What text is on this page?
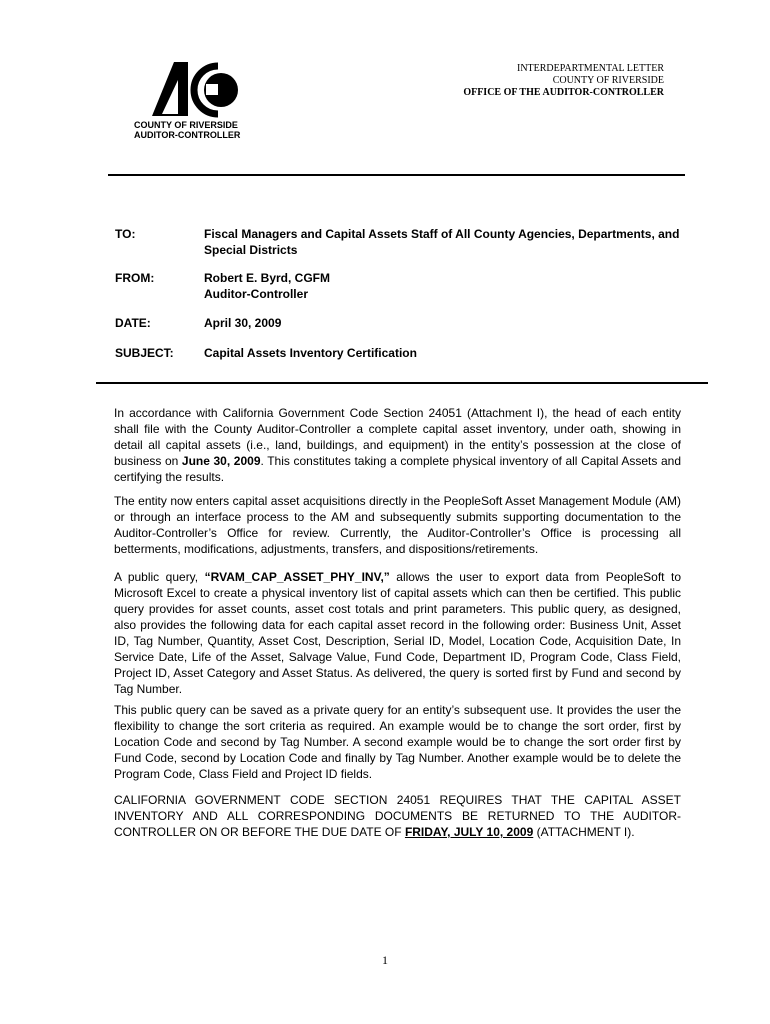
INTERDEPARTMENTAL LETTER
COUNTY OF RIVERSIDE
OFFICE OF THE AUDITOR-CONTROLLER
COUNTY OF RIVERSIDE
AUDITOR-CONTROLLER
TO:	Fiscal Managers and Capital Assets Staff of All County Agencies, Departments, and Special Districts
FROM:	Robert E. Byrd, CGFM
Auditor-Controller
DATE:	April 30, 2009
SUBJECT:	Capital Assets Inventory Certification
In accordance with California Government Code Section 24051 (Attachment I), the head of each entity shall file with the County Auditor-Controller a complete capital asset inventory, under oath, showing in detail all capital assets (i.e., land, buildings, and equipment) in the entity’s possession at the close of business on June 30, 2009. This constitutes taking a complete physical inventory of all Capital Assets and certifying the results.
The entity now enters capital asset acquisitions directly in the PeopleSoft Asset Management Module (AM) or through an interface process to the AM and subsequently submits supporting documentation to the Auditor-Controller’s Office for review. Currently, the Auditor-Controller’s Office is processing all betterments, modifications, adjustments, transfers, and dispositions/retirements.
A public query, “RVAM_CAP_ASSET_PHY_INV,” allows the user to export data from PeopleSoft to Microsoft Excel to create a physical inventory list of capital assets which can then be certified. This public query provides for asset counts, asset cost totals and print parameters. This public query, as designed, also provides the following data for each capital asset record in the following order: Business Unit, Asset ID, Tag Number, Quantity, Asset Cost, Description, Serial ID, Model, Location Code, Acquisition Date, In Service Date, Life of the Asset, Salvage Value, Fund Code, Department ID, Program Code, Class Field, Project ID, Asset Category and Asset Status. As delivered, the query is sorted first by Fund and second by Tag Number.
This public query can be saved as a private query for an entity’s subsequent use. It provides the user the flexibility to change the sort criteria as required. An example would be to change the sort order, first by Location Code and second by Tag Number. A second example would be to change the sort order first by Fund Code, second by Location Code and finally by Tag Number. Another example would be to delete the Program Code, Class Field and Project ID fields.
CALIFORNIA GOVERNMENT CODE SECTION 24051 REQUIRES THAT THE CAPITAL ASSET INVENTORY AND ALL CORRESPONDING DOCUMENTS BE RETURNED TO THE AUDITOR-CONTROLLER ON OR BEFORE THE DUE DATE OF FRIDAY, JULY 10, 2009 (ATTACHMENT I).
1
